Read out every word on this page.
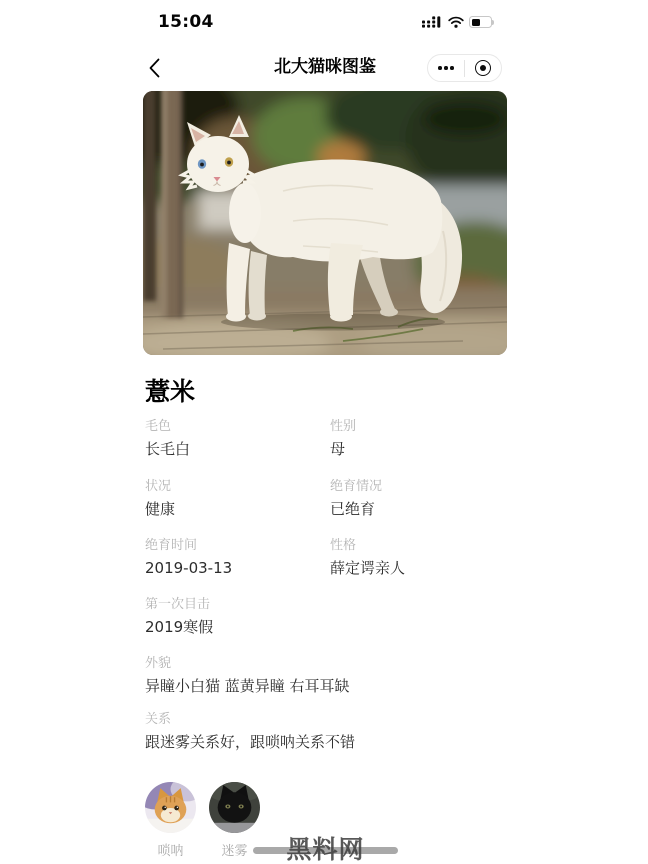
15:04
北大猫咪图鉴
薏米
毛色
长毛白
性别
母
状况
健康
绝育情况
已绝育
绝育时间
2019-03-13
性格
薛定谔亲人
第一次目击
2019寒假
外貌
异瞳小白猫 蓝黄异瞳 右耳耳缺
关系
跟迷雾关系好，跟唢呐关系不错
唢呐	迷雾	黑料网
